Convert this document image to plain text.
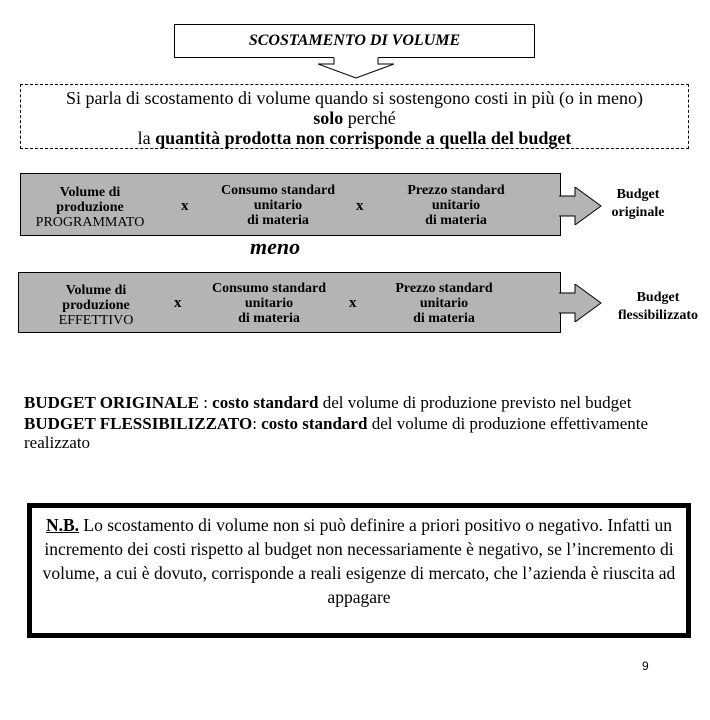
SCOSTAMENTO DI VOLUME
Si parla di scostamento di volume quando si sostengono costi in più (o in meno)
solo perché
la quantità prodotta non corrisponde a quella del budget
Volume di
produzione
PROGRAMMATO
x
Consumo standard
unitario
di materia
x
Prezzo standard
unitario
di materia
Budget
originale
meno
Volume di
produzione
EFFETTIVO
x
Consumo standard
unitario
di materia
x
Prezzo standard
unitario
di materia
Budget
flessibilizzato

BUDGET ORIGINALE : costo standard del volume di produzione previsto nel budget

BUDGET FLESSIBILIZZATO: costo standard del volume di produzione effettivamente realizzato

N.B. Lo scostamento di volume non si può definire a priori positivo o negativo. Infatti un incremento dei costi rispetto al budget non necessariamente è negativo, se l’incremento di volume, a cui è dovuto, corrisponde a reali esigenze di mercato, che l’azienda è riuscita ad appagare
9
